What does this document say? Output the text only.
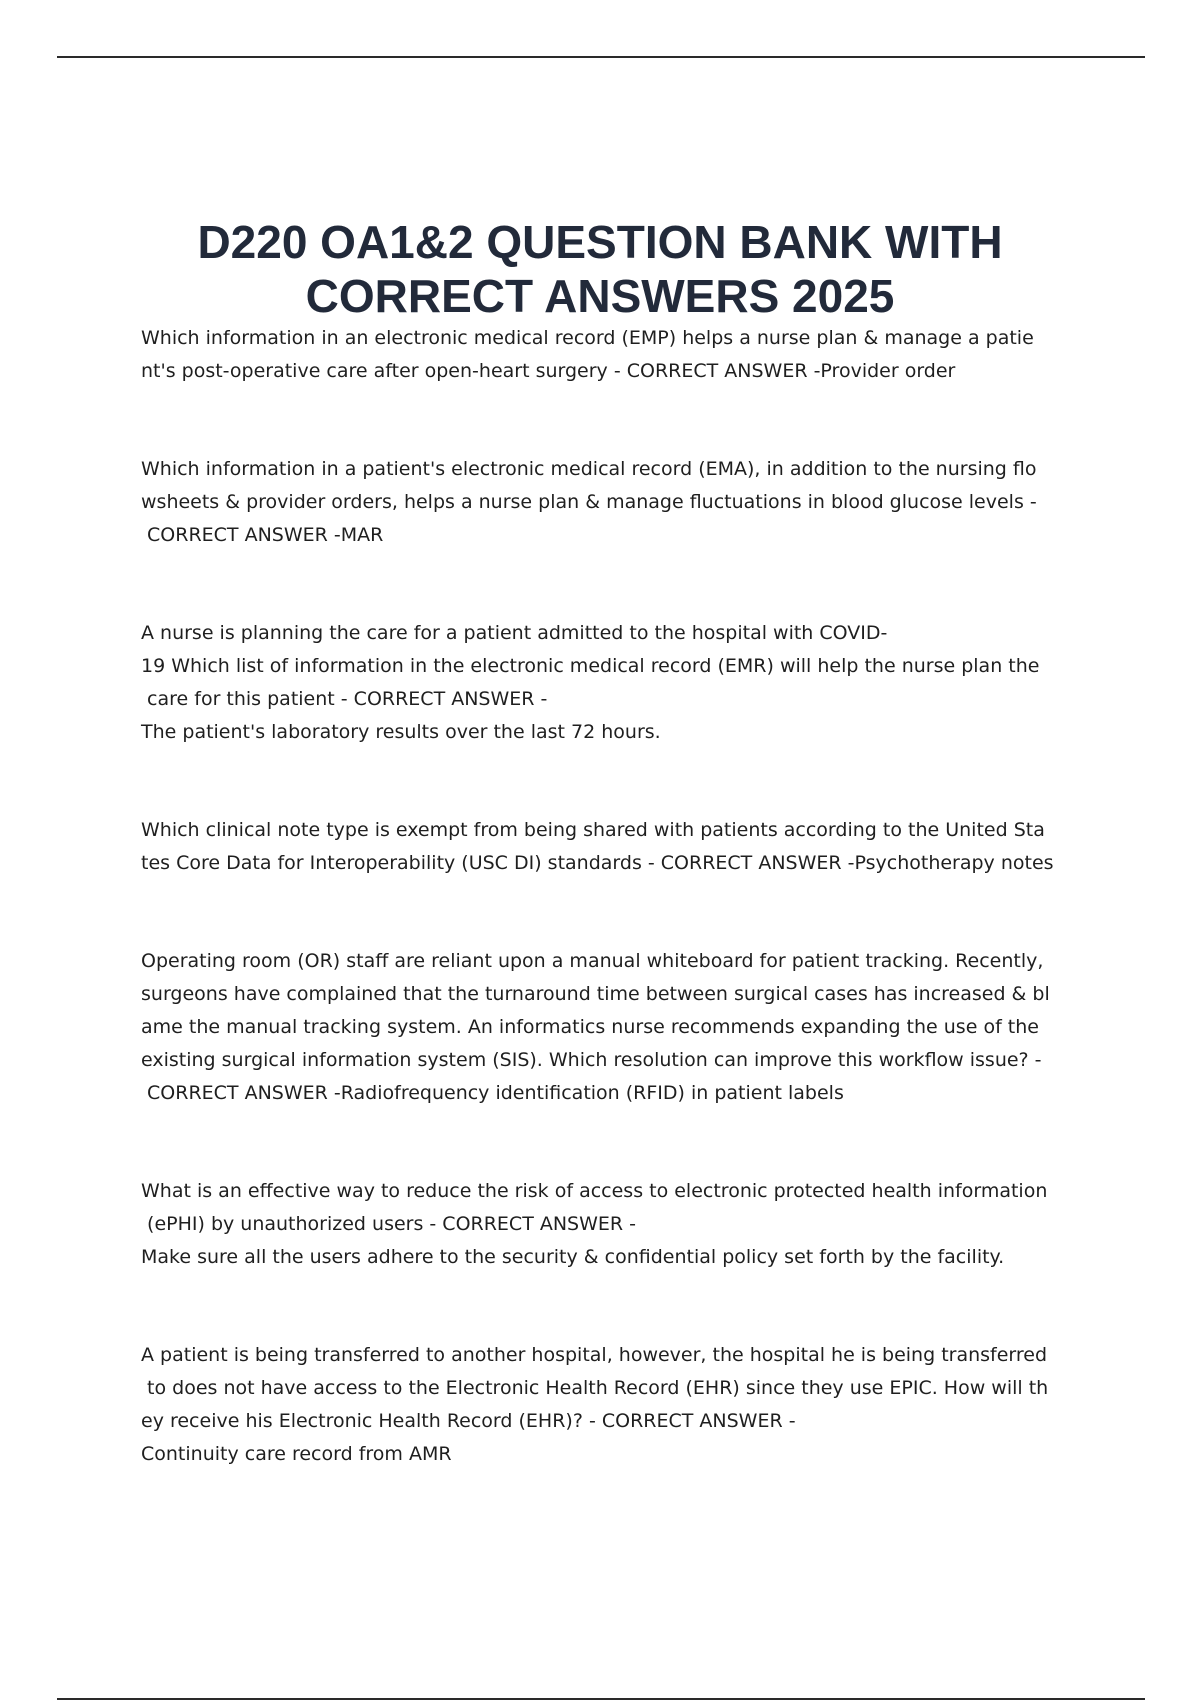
D220 OA1&2 QUESTION BANK WITH
CORRECT ANSWERS 2025
Which information in an electronic medical record (EMP) helps a nurse plan & manage a patie
nt's post-operative care after open-heart surgery - CORRECT ANSWER -Provider order
Which information in a patient's electronic medical record (EMA), in addition to the nursing flo
wsheets & provider orders, helps a nurse plan & manage fluctuations in blood glucose levels -
CORRECT ANSWER -MAR
A nurse is planning the care for a patient admitted to the hospital with COVID-
19 Which list of information in the electronic medical record (EMR) will help the nurse plan the
care for this patient - CORRECT ANSWER -
The patient's laboratory results over the last 72 hours.
Which clinical note type is exempt from being shared with patients according to the United Sta
tes Core Data for Interoperability (USC DI) standards - CORRECT ANSWER -Psychotherapy notes
Operating room (OR) staff are reliant upon a manual whiteboard for patient tracking. Recently,
surgeons have complained that the turnaround time between surgical cases has increased & bl
ame the manual tracking system. An informatics nurse recommends expanding the use of the
existing surgical information system (SIS). Which resolution can improve this workflow issue? -
CORRECT ANSWER -Radiofrequency identification (RFID) in patient labels
What is an effective way to reduce the risk of access to electronic protected health information
(ePHI) by unauthorized users - CORRECT ANSWER -
Make sure all the users adhere to the security & confidential policy set forth by the facility.
A patient is being transferred to another hospital, however, the hospital he is being transferred
to does not have access to the Electronic Health Record (EHR) since they use EPIC. How will th
ey receive his Electronic Health Record (EHR)? - CORRECT ANSWER -
Continuity care record from AMR
